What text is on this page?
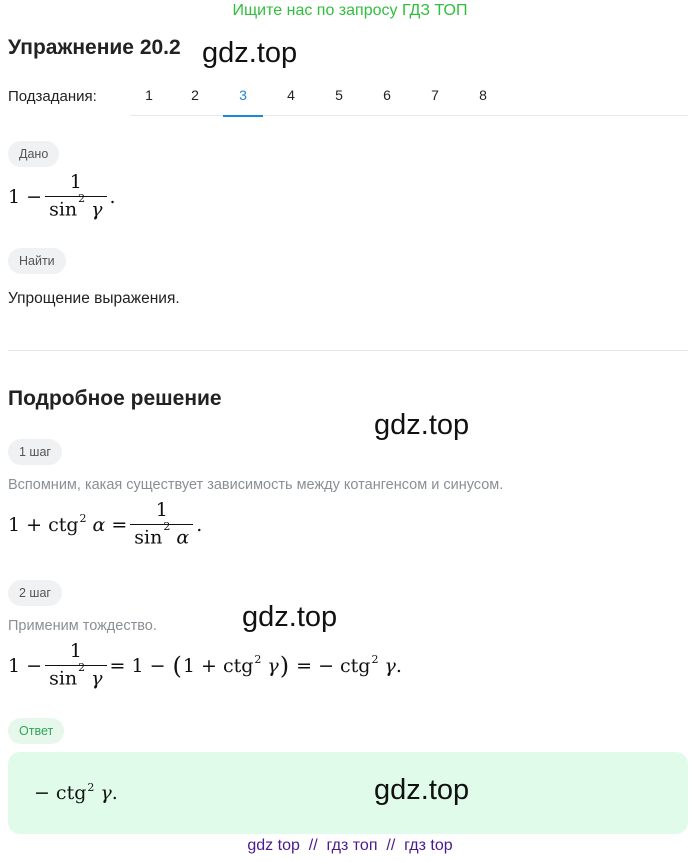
Ищите нас по запросу ГДЗ ТОП
Упражнение 20.2 gdz.top
Подзадания:	1	2	3	4	5	6	7	8
Дано
$1 - \frac{1}{\sin^2 \gamma}$ .
Найти
Упрощение выражения.
Подробное решение
gdz.top
1 шаг
Вспомним, какая существует зависимость между котангенсом и синусом.
1 + ctg$^2$ $\alpha = \frac{1}{\sin^2 \alpha}$ .
2 шаг
gdz.top
Применим тождество.
$1 - \frac{1}{\sin^2 \gamma} = 1$ − ( 1 + ctg$^2$ γ ) = − ctg$^2$ γ .
Ответ
− ctg$^2$ γ .	gdz.top
gdz top  //  гдз топ  //  гдз top
